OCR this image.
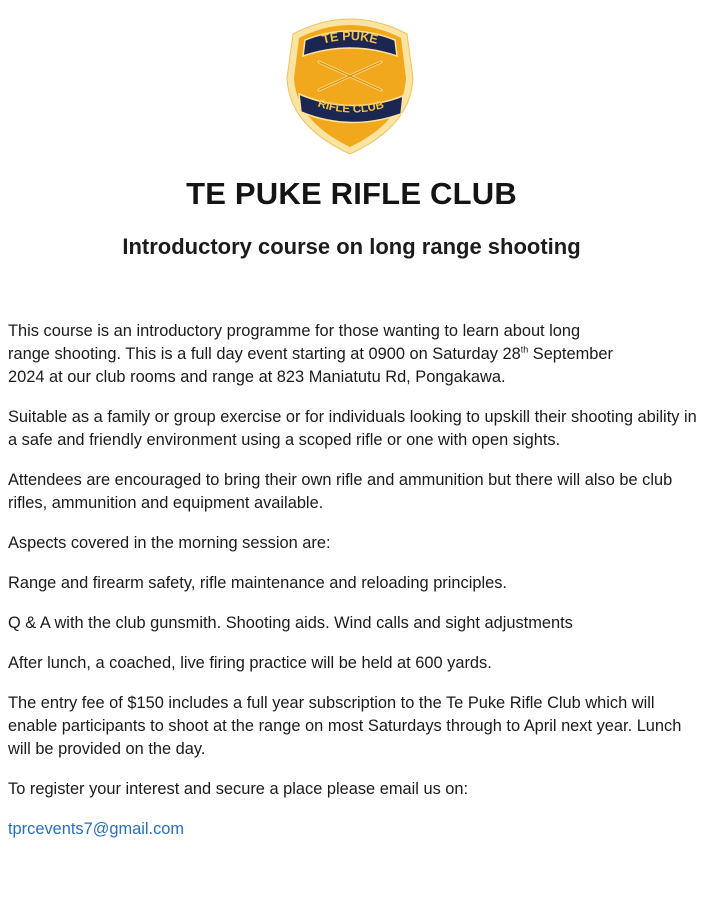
TE PUKE
RIFLE CLUB
TE PUKE RIFLE CLUB
Introductory course on long range shooting

This course is an introductory programme for those wanting to learn about long
range shooting. This is a full day event starting at 0900 on Saturday 28th September
2024 at our club rooms and range at 823 Maniatutu Rd, Pongakawa.

Suitable as a family or group exercise or for individuals looking to upskill their shooting ability in a safe and friendly environment using a scoped rifle or one with open sights.

Attendees are encouraged to bring their own rifle and ammunition but there will also be club rifles, ammunition and equipment available.

Aspects covered in the morning session are:

Range and firearm safety, rifle maintenance and reloading principles.

Q & A with the club gunsmith. Shooting aids. Wind calls and sight adjustments

After lunch, a coached, live firing practice will be held at 600 yards.

The entry fee of $150 includes a full year subscription to the Te Puke Rifle Club which will enable participants to shoot at the range on most Saturdays through to April next year. Lunch will be provided on the day.

To register your interest and secure a place please email us on:

tprcevents7@gmail.com
